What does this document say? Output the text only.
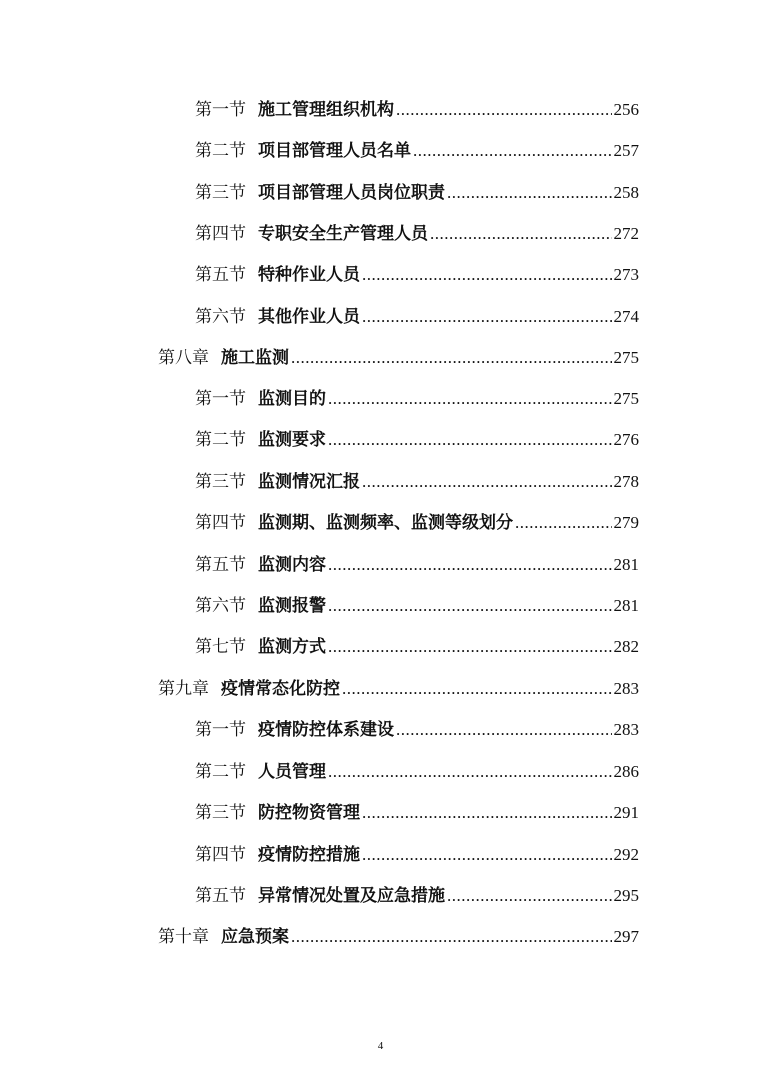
第一节 施工管理组织机构 .....	256
第二节 项目部管理人员名单 .....	257
第三节 项目部管理人员岗位职责 .....	258
第四节 专职安全生产管理人员 .....	272
第五节 特种作业人员 .....	273
第六节 其他作业人员 .....	274
第八章 施工监测 .....	275
第一节 监测目的 .....	275
第二节 监测要求 .....	276
第三节 监测情况汇报 .....	278
第四节 监测期、监测频率、监测等级划分 .....	279
第五节 监测内容 .....	281
第六节 监测报警 .....	281
第七节 监测方式 .....	282
第九章 疫情常态化防控 .....	283
第一节 疫情防控体系建设 .....	283
第二节 人员管理 .....	286
第三节 防控物资管理 .....	291
第四节 疫情防控措施 .....	292
第五节 异常情况处置及应急措施 .....	295
第十章 应急预案 .....	297
4
